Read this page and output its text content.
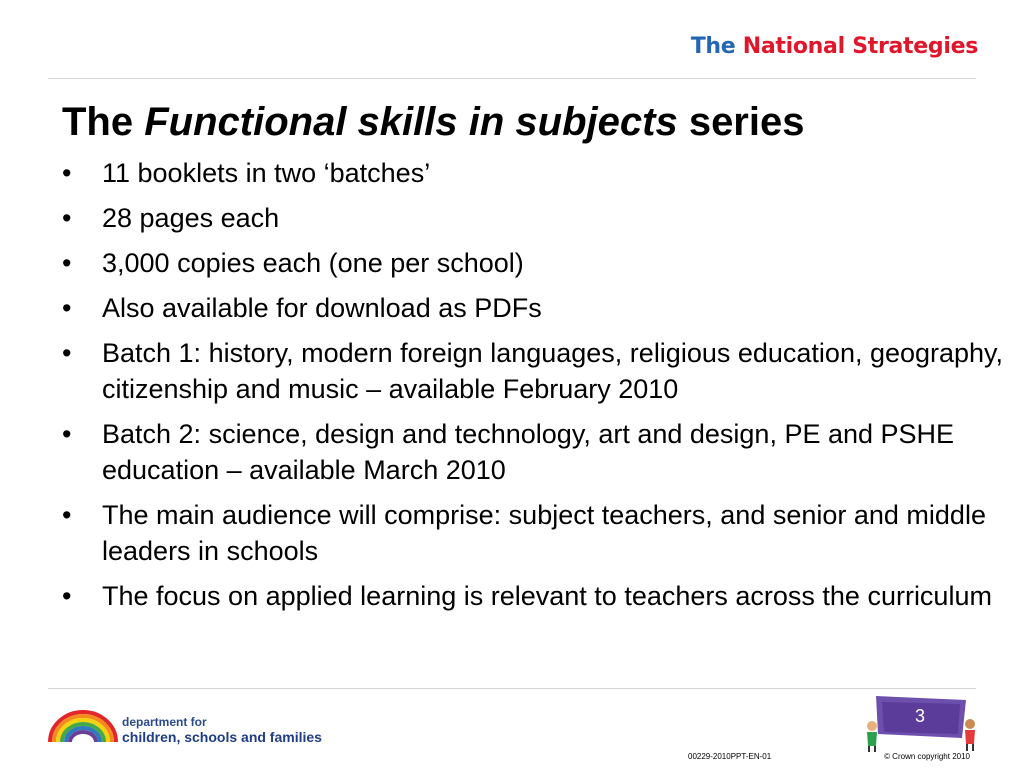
The National Strategies
The Functional skills in subjects series
• 11 booklets in two ‘batches’
• 28 pages each
• 3,000 copies each (one per school)
• Also available for download as PDFs
• Batch 1: history, modern foreign languages, religious education, geography, citizenship and music – available February 2010
• Batch 2: science, design and technology, art and design, PE and PSHE education – available March 2010
• The main audience will comprise: subject teachers, and senior and middle leaders in schools
• The focus on applied learning is relevant to teachers across the curriculum
department for
children, schools and families
3
00229-2010PPT-EN-01	© Crown copyright 2010
